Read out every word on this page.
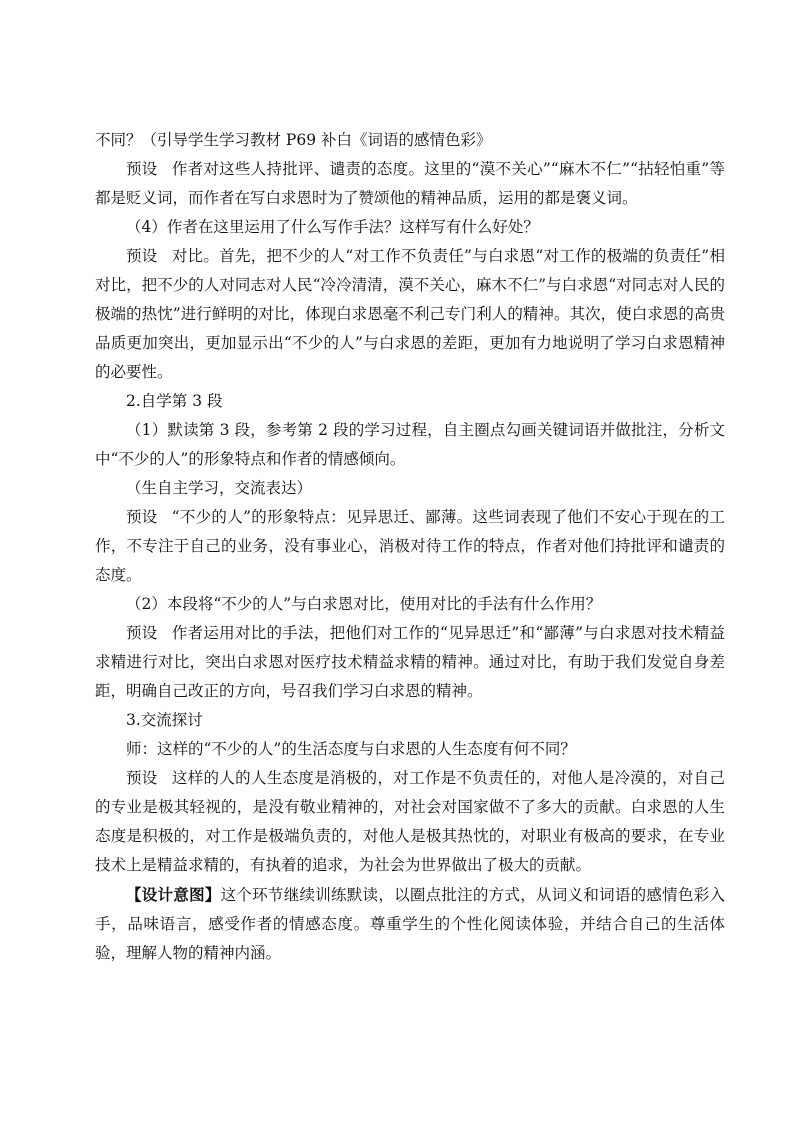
不同？（引导学生学习教材 P69 补白《词语的感情色彩》

预设 作者对这些人持批评、谴责的态度。这里的“漠不关心”“麻木不仁”“拈轻怕重”等都是贬义词，而作者在写白求恩时为了赞颂他的精神品质，运用的都是褒义词。

（4）作者在这里运用了什么写作手法？这样写有什么好处？

预设 对比。首先，把不少的人“对工作不负责任”与白求恩“对工作的极端的负责任”相对比，把不少的人对同志对人民“冷冷清清，漠不关心，麻木不仁”与白求恩“对同志对人民的极端的热忱”进行鲜明的对比，体现白求恩毫不利己专门利人的精神。其次，使白求恩的高贵品质更加突出，更加显示出“不少的人”与白求恩的差距，更加有力地说明了学习白求恩精神的必要性。

2.自学第 3 段

（1）默读第 3 段，参考第 2 段的学习过程，自主圈点勾画关键词语并做批注，分析文中“不少的人”的形象特点和作者的情感倾向。

（生自主学习，交流表达）

预设 “不少的人”的形象特点：见异思迁、鄙薄。这些词表现了他们不安心于现在的工作，不专注于自己的业务，没有事业心，消极对待工作的特点，作者对他们持批评和谴责的态度。

（2）本段将“不少的人”与白求恩对比，使用对比的手法有什么作用？

预设 作者运用对比的手法，把他们对工作的“见异思迁”和“鄙薄”与白求恩对技术精益求精进行对比，突出白求恩对医疗技术精益求精的精神。通过对比，有助于我们发觉自身差距，明确自己改正的方向，号召我们学习白求恩的精神。

3.交流探讨

师：这样的“不少的人”的生活态度与白求恩的人生态度有何不同？

预设 这样的人的人生态度是消极的，对工作是不负责任的，对他人是冷漠的，对自己的专业是极其轻视的，是没有敬业精神的，对社会对国家做不了多大的贡献。白求恩的人生态度是积极的，对工作是极端负责的，对他人是极其热忱的，对职业有极高的要求，在专业技术上是精益求精的，有执着的追求，为社会为世界做出了极大的贡献。

【设计意图】这个环节继续训练默读，以圈点批注的方式，从词义和词语的感情色彩入手，品味语言，感受作者的情感态度。尊重学生的个性化阅读体验，并结合自己的生活体验，理解人物的精神内涵。
